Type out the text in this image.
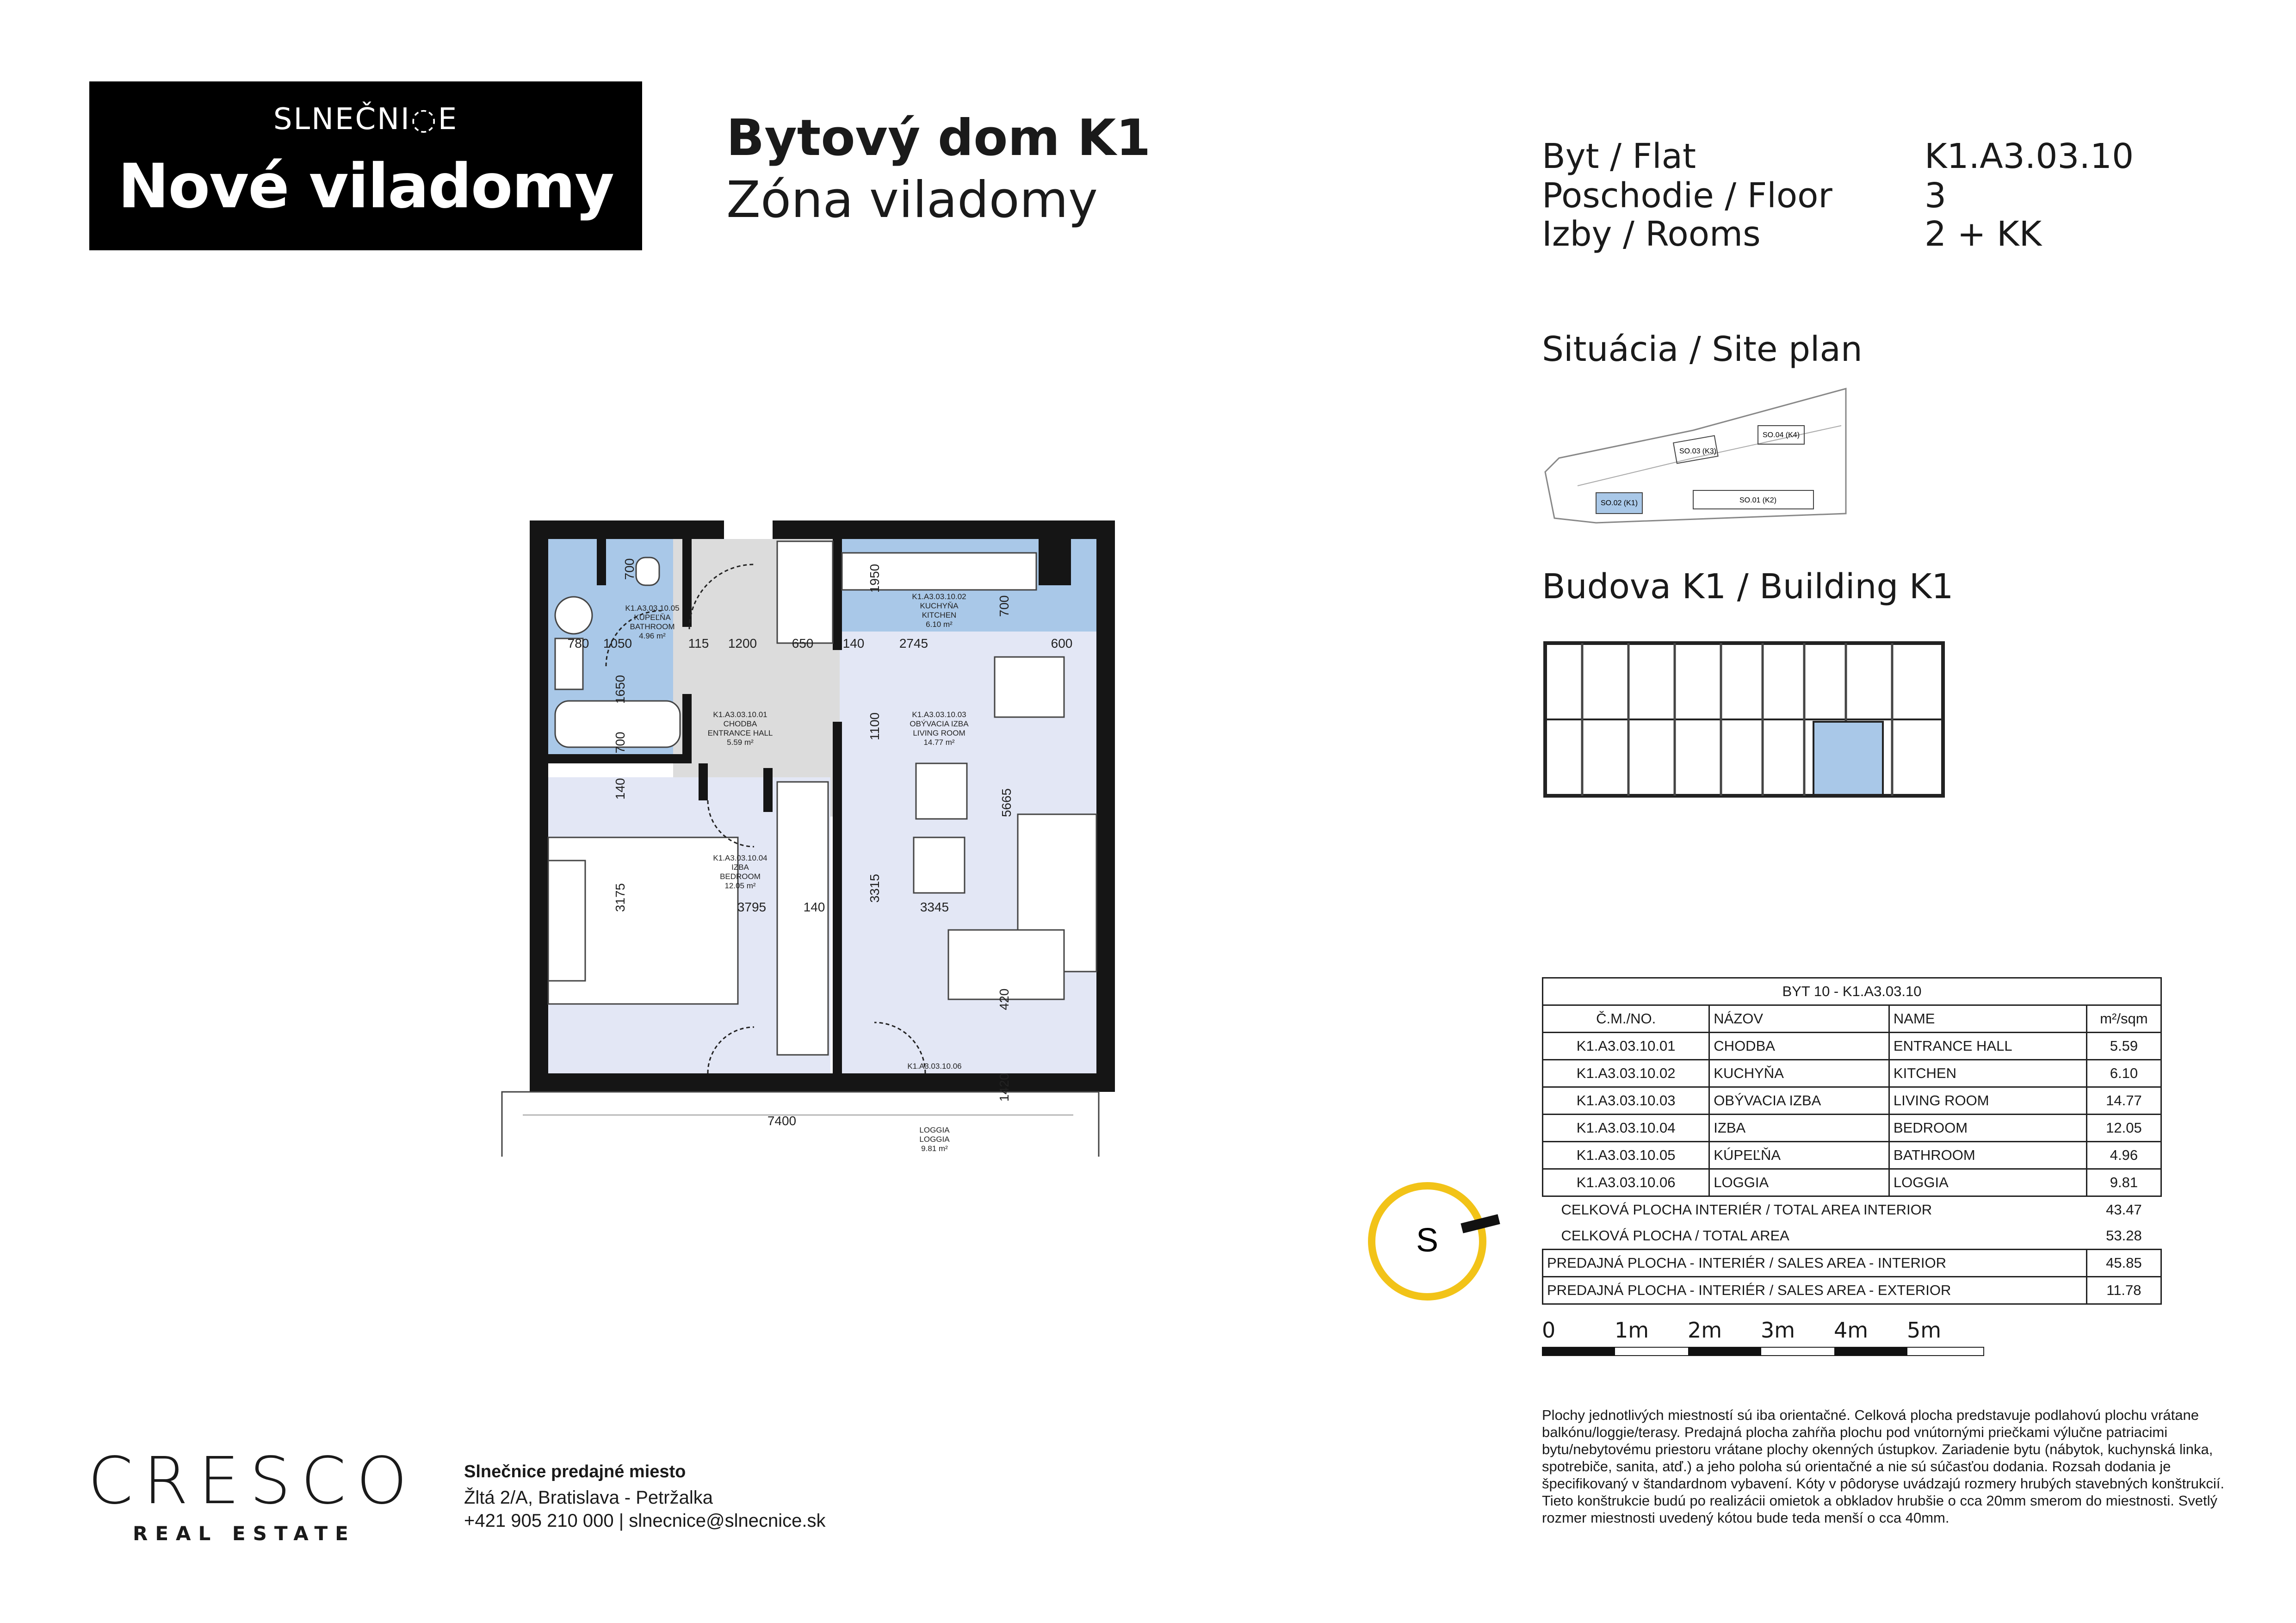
SLNEČNI◌E
Nové viladomy
Bytový dom K1
Zóna viladomy
Byt / Flat	K1.A3.03.10
Poschodie / Floor	3
Izby / Rooms	2 + KK
Situácia / Site plan
SO.03 (K3)
SO.04 (K4)
SO.02 (K1)	SO.01 (K2)
Budova K1 / Building K1
K1.A3.03.10.05
KÚPEĽŇA
BATHROOM
4.96 m²
K1.A3.03.10.02
KUCHYŇA
KITCHEN
6.10 m²
K1.A3.03.10.01
CHODBA
ENTRANCE HALL
5.59 m²
K1.A3.03.10.03
OBÝVACIA IZBA
LIVING ROOM
14.77 m²
K1.A3.03.10.04
IZBA
BEDROOM
12.05 m²
K1.A3.03.10.06
LOGGIA
LOGGIA
9.81 m²
700	1950
700
780 1050	115 1200	650 140	2745	600
1650
1100
700
140	5665
3175	3795	140
3315
3345
420
1420
7400
S
BYT 10 - K1.A3.03.10			
Č.M./NO.	NÁZOV	NAME	m²/sqm
K1.A3.03.10.01	CHODBA	ENTRANCE HALL	5.59
K1.A3.03.10.02	KUCHYŇA	KITCHEN	6.10
K1.A3.03.10.03	OBÝVACIA IZBA	LIVING ROOM	14.77
K1.A3.03.10.04	IZBA	BEDROOM	12.05
K1.A3.03.10.05	KÚPEĽŇA	BATHROOM	4.96
K1.A3.03.10.06	LOGGIA	LOGGIA	9.81
CELKOVÁ PLOCHA INTERIÉR / TOTAL AREA INTERIOR			43.47
CELKOVÁ PLOCHA / TOTAL AREA			53.28
PREDAJNÁ PLOCHA - INTERIÉR / SALES AREA - INTERIOR			45.85
PREDAJNÁ PLOCHA - INTERIÉR / SALES AREA - EXTERIOR			11.78
0	1m 2m 3m 4m 5m
CRESCO
REAL ESTATE
Slnečnice predajné miesto
Žltá 2/A, Bratislava - Petržalka
+421 905 210 000 | slnecnice@slnecnice.sk
Plochy jednotlivých miestností sú iba orientačné. Celková plocha predstavuje podlahovú plochu vrátane balkónu/loggie/terasy. Predajná plocha zahŕňa plochu pod vnútornými priečkami výlučne patriacimi bytu/nebytovému priestoru vrátane plochy okenných ústupkov. Zariadenie bytu (nábytok, kuchynská linka, spotrebiče, sanita, atď.) a jeho poloha sú orientačné a nie sú súčasťou dodania. Rozsah dodania je špecifikovaný v štandardnom vybavení. Kóty v pôdoryse uvádzajú rozmery hrubých stavebných konštrukcií. Tieto konštrukcie budú po realizácii omietok a obkladov hrubšie o cca 20mm smerom do miestnosti. Svetlý rozmer miestnosti uvedený kótou bude teda menší o cca 40mm.
